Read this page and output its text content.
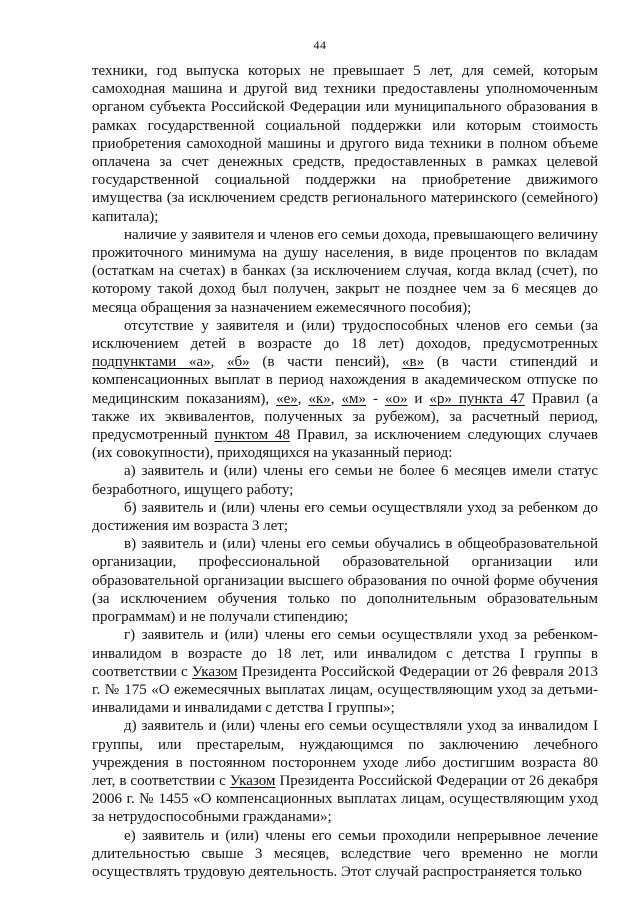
44

техники, год выпуска которых не превышает 5 лет, для семей, которым самоходная машина и другой вид техники предоставлены уполномоченным органом субъекта Российской Федерации или муниципального образования в рамках государственной социальной поддержки или которым стоимость приобретения самоходной машины и другого вида техники в полном объеме оплачена за счет денежных средств, предоставленных в рамках целевой государственной социальной поддержки на приобретение движимого имущества (за исключением средств регионального материнского (семейного) капитала);

наличие у заявителя и членов его семьи дохода, превышающего величину прожиточного минимума на душу населения, в виде процентов по вкладам (остаткам на счетах) в банках (за исключением случая, когда вклад (счет), по которому такой доход был получен, закрыт не позднее чем за 6 месяцев до месяца обращения за назначением ежемесячного пособия);

отсутствие у заявителя и (или) трудоспособных членов его семьи (за исключением детей в возрасте до 18 лет) доходов, предусмотренных подпунктами «а», «б» (в части пенсий), «в» (в части стипендий и компенсационных выплат в период нахождения в академическом отпуске по медицинским показаниям), «е», «к», «м» - «о» и «р» пункта 47 Правил (а также их эквивалентов, полученных за рубежом), за расчетный период, предусмотренный пунктом 48 Правил, за исключением следующих случаев (их совокупности), приходящихся на указанный период:

а) заявитель и (или) члены его семьи не более 6 месяцев имели статус безработного, ищущего работу;

б) заявитель и (или) члены его семьи осуществляли уход за ребенком до достижения им возраста 3 лет;

в) заявитель и (или) члены его семьи обучались в общеобразовательной организации, профессиональной образовательной организации или образовательной организации высшего образования по очной форме обучения (за исключением обучения только по дополнительным образовательным программам) и не получали стипендию;

г) заявитель и (или) члены его семьи осуществляли уход за ребенком-инвалидом в возрасте до 18 лет, или инвалидом с детства I группы в соответствии с Указом Президента Российской Федерации от 26 февраля 2013 г. № 175 «О ежемесячных выплатах лицам, осуществляющим уход за детьми-инвалидами и инвалидами с детства I группы»;

д) заявитель и (или) члены его семьи осуществляли уход за инвалидом I группы, или престарелым, нуждающимся по заключению лечебного учреждения в постоянном постороннем уходе либо достигшим возраста 80 лет, в соответствии с Указом Президента Российской Федерации от 26 декабря 2006 г. № 1455 «О компенсационных выплатах лицам, осуществляющим уход за нетрудоспособными гражданами»;

е) заявитель и (или) члены его семьи проходили непрерывное лечение длительностью свыше 3 месяцев, вследствие чего временно не могли осуществлять трудовую деятельность. Этот случай распространяется только
